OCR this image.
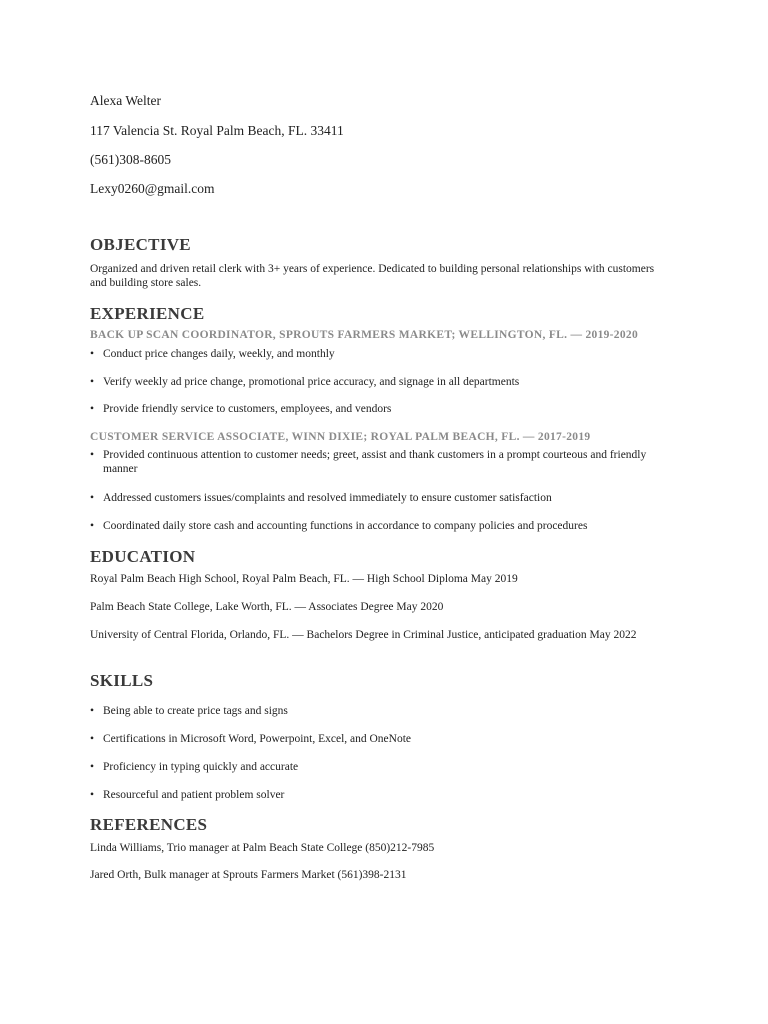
Alexa Welter
117 Valencia St. Royal Palm Beach, FL. 33411
(561)308-8605
Lexy0260@gmail.com
OBJECTIVE
Organized and driven retail clerk with 3+ years of experience. Dedicated to building personal relationships with customers and building store sales.
EXPERIENCE
BACK UP SCAN COORDINATOR, SPROUTS FARMERS MARKET; WELLINGTON, FL. — 2019-2020
• Conduct price changes daily, weekly, and monthly
• Verify weekly ad price change, promotional price accuracy, and signage in all departments
• Provide friendly service to customers, employees, and vendors
CUSTOMER SERVICE ASSOCIATE, WINN DIXIE; ROYAL PALM BEACH, FL. — 2017-2019
• Provided continuous attention to customer needs; greet, assist and thank customers in a prompt courteous and friendly manner
• Addressed customers issues/complaints and resolved immediately to ensure customer satisfaction
• Coordinated daily store cash and accounting functions in accordance to company policies and procedures
EDUCATION
Royal Palm Beach High School, Royal Palm Beach, FL. — High School Diploma May 2019
Palm Beach State College, Lake Worth, FL. — Associates Degree May 2020
University of Central Florida, Orlando, FL. — Bachelors Degree in Criminal Justice, anticipated graduation May 2022
SKILLS
• Being able to create price tags and signs
• Certifications in Microsoft Word, Powerpoint, Excel, and OneNote
• Proficiency in typing quickly and accurate
• Resourceful and patient problem solver
REFERENCES
Linda Williams, Trio manager at Palm Beach State College (850)212-7985
Jared Orth, Bulk manager at Sprouts Farmers Market (561)398-2131
